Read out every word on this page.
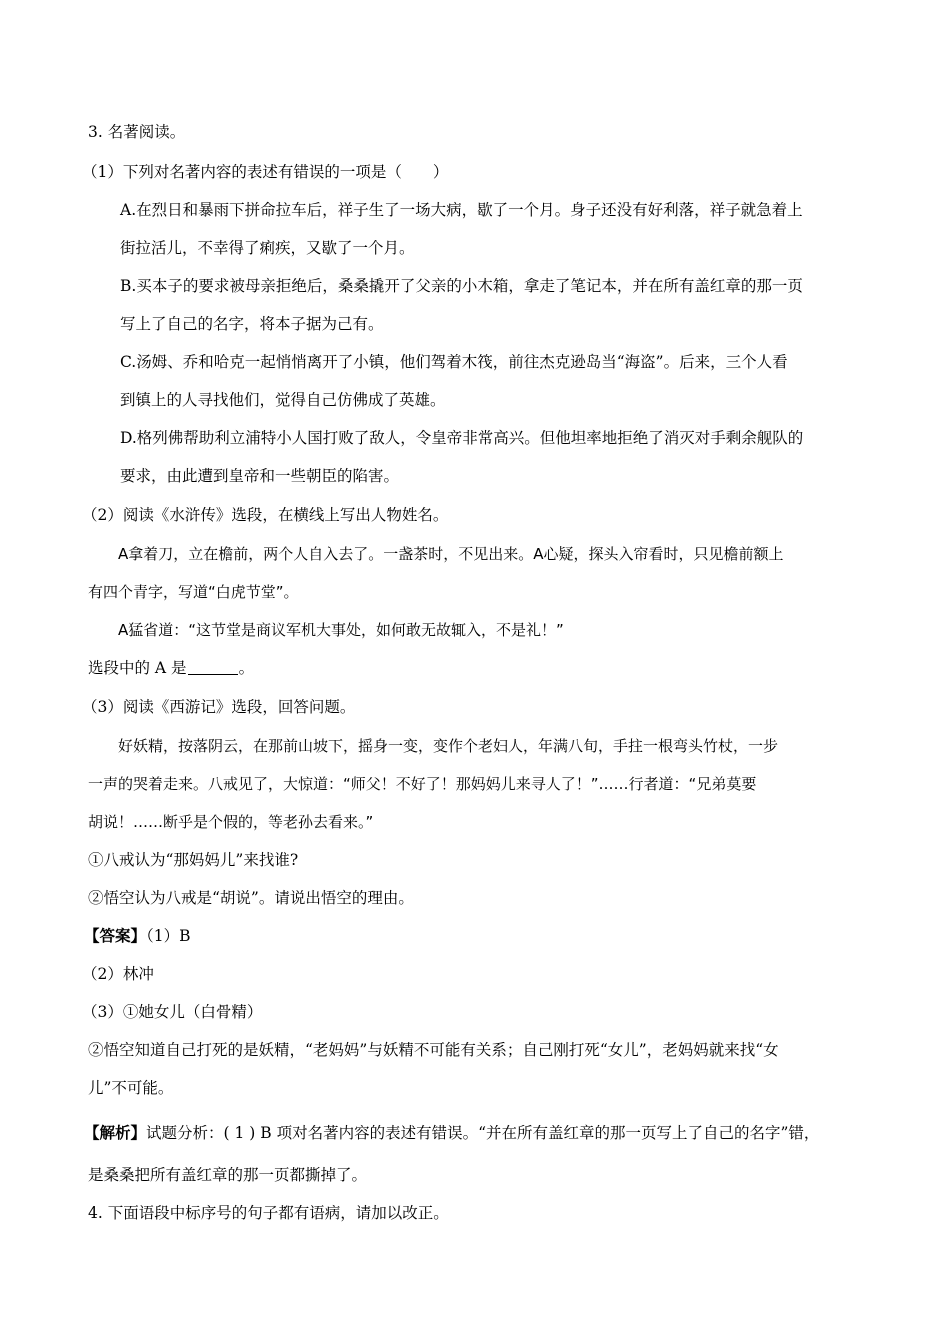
3. 名著阅读。
（1）下列对名著内容的表述有错误的一项是（　　）
A.在烈日和暴雨下拼命拉车后，祥子生了一场大病，歇了一个月。身子还没有好利落，祥子就急着上
街拉活儿，不幸得了痢疾，又歇了一个月。
B.买本子的要求被母亲拒绝后，桑桑撬开了父亲的小木箱，拿走了笔记本，并在所有盖红章的那一页
写上了自己的名字，将本子据为己有。
C.汤姆、乔和哈克一起悄悄离开了小镇，他们驾着木筏，前往杰克逊岛当“海盗”。后来，三个人看
到镇上的人寻找他们，觉得自己仿佛成了英雄。
D.格列佛帮助利立浦特小人国打败了敌人，令皇帝非常高兴。但他坦率地拒绝了消灭对手剩余舰队的
要求，由此遭到皇帝和一些朝臣的陷害。
（2）阅读《水浒传》选段，在横线上写出人物姓名。
A拿着刀，立在檐前，两个人自入去了。一盏茶时，不见出来。A心疑，探头入帘看时，只见檐前额上
有四个青字，写道“白虎节堂”。
A猛省道：“这节堂是商议军机大事处，如何敢无故辄入，不是礼！”
选段中的 A 是	。
（3）阅读《西游记》选段，回答问题。
好妖精，按落阴云，在那前山坡下，摇身一变，变作个老妇人，年满八旬，手拄一根弯头竹杖，一步
一声的哭着走来。八戒见了，大惊道：“师父！不好了！那妈妈儿来寻人了！”……行者道：“兄弟莫要
胡说！……断乎是个假的，等老孙去看来。”
①八戒认为“那妈妈儿”来找谁?
②悟空认为八戒是“胡说”。请说出悟空的理由。
【答案】（1）B
（2）林冲
（3）①她女儿（白骨精）
②悟空知道自己打死的是妖精，“老妈妈”与妖精不可能有关系；自己刚打死“女儿”，老妈妈就来找“女
儿”不可能。
【解析】试题分析：( 1 ) B 项对名著内容的表述有错误。“并在所有盖红章的那一页写上了自己的名字”错，
是桑桑把所有盖红章的那一页都撕掉了。
4. 下面语段中标序号的句子都有语病，请加以改正。
